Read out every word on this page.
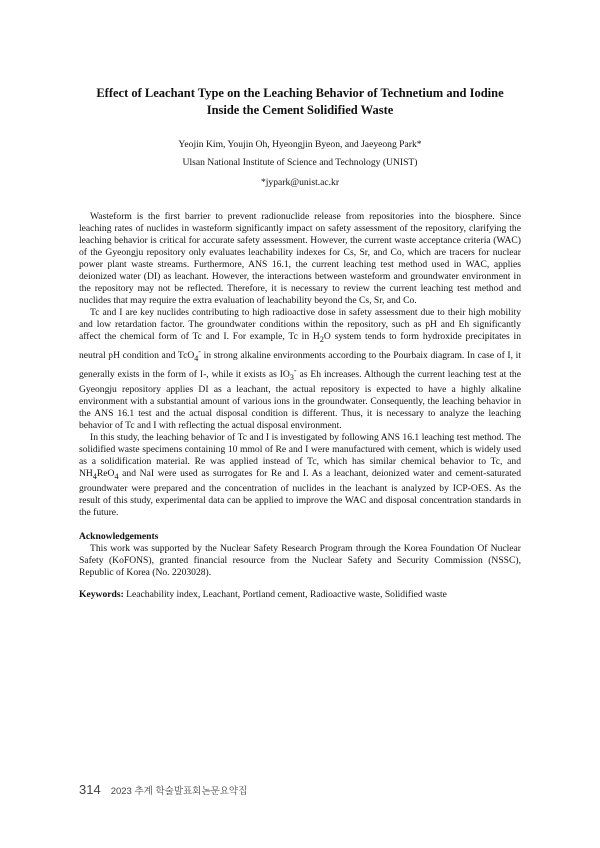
Effect of Leachant Type on the Leaching Behavior of Technetium and Iodine
Inside the Cement Solidified Waste
Yeojin Kim, Youjin Oh, Hyeongjin Byeon, and Jaeyeong Park*
Ulsan National Institute of Science and Technology (UNIST)
*jypark@unist.ac.kr

Wasteform is the first barrier to prevent radionuclide release from repositories into the biosphere. Since leaching rates of nuclides in wasteform significantly impact on safety assessment of the repository, clarifying the leaching behavior is critical for accurate safety assessment. However, the current waste acceptance criteria (WAC) of the Gyeongju repository only evaluates leachability indexes for Cs, Sr, and Co, which are tracers for nuclear power plant waste streams. Furthermore, ANS 16.1, the current leaching test method used in WAC, applies deionized water (DI) as leachant. However, the interactions between wasteform and groundwater environment in the repository may not be reflected. Therefore, it is necessary to review the current leaching test method and nuclides that may require the extra evaluation of leachability beyond the Cs, Sr, and Co.

Tc and I are key nuclides contributing to high radioactive dose in safety assessment due to their high mobility and low retardation factor. The groundwater conditions within the repository, such as pH and Eh significantly affect the chemical form of Tc and I. For example, Tc in $H_2O$ system tends to form hydroxide precipitates in neutral pH condition and TcO$_4$- in strong alkaline environments according to the Pourbaix diagram. In case of I, it generally exists in the form of I-, while it exists as $IO_3^-$ as Eh increases. Although the current leaching test at the Gyeongju repository applies DI as a leachant, the actual repository is expected to have a highly alkaline environment with a substantial amount of various ions in the groundwater. Consequently, the leaching behavior in the ANS 16.1 test and the actual disposal condition is different. Thus, it is necessary to analyze the leaching behavior of Tc and I with reflecting the actual disposal environment.

In this study, the leaching behavior of Tc and I is investigated by following ANS 16.1 leaching test method. The solidified waste specimens containing 10 mmol of Re and I were manufactured with cement, which is widely used as a solidification material. Re was applied instead of Tc, which has similar chemical behavior to Tc, and $NH_4ReO_4$ and NaI were used as surrogates for Re and I. As a leachant, deionized water and cement-saturated groundwater were prepared and the concentration of nuclides in the leachant is analyzed by ICP-OES. As the result of this study, experimental data can be applied to improve the WAC and disposal concentration standards in the future.

Acknowledgements

This work was supported by the Nuclear Safety Research Program through the Korea Foundation Of Nuclear Safety (KoFONS), granted financial resource from the Nuclear Safety and Security Commission (NSSC), Republic of Korea (No. 2203028).

Keywords: Leachability index, Leachant, Portland cement, Radioactive waste, Solidified waste
314 2023 추계 학술발표회논문요약집
